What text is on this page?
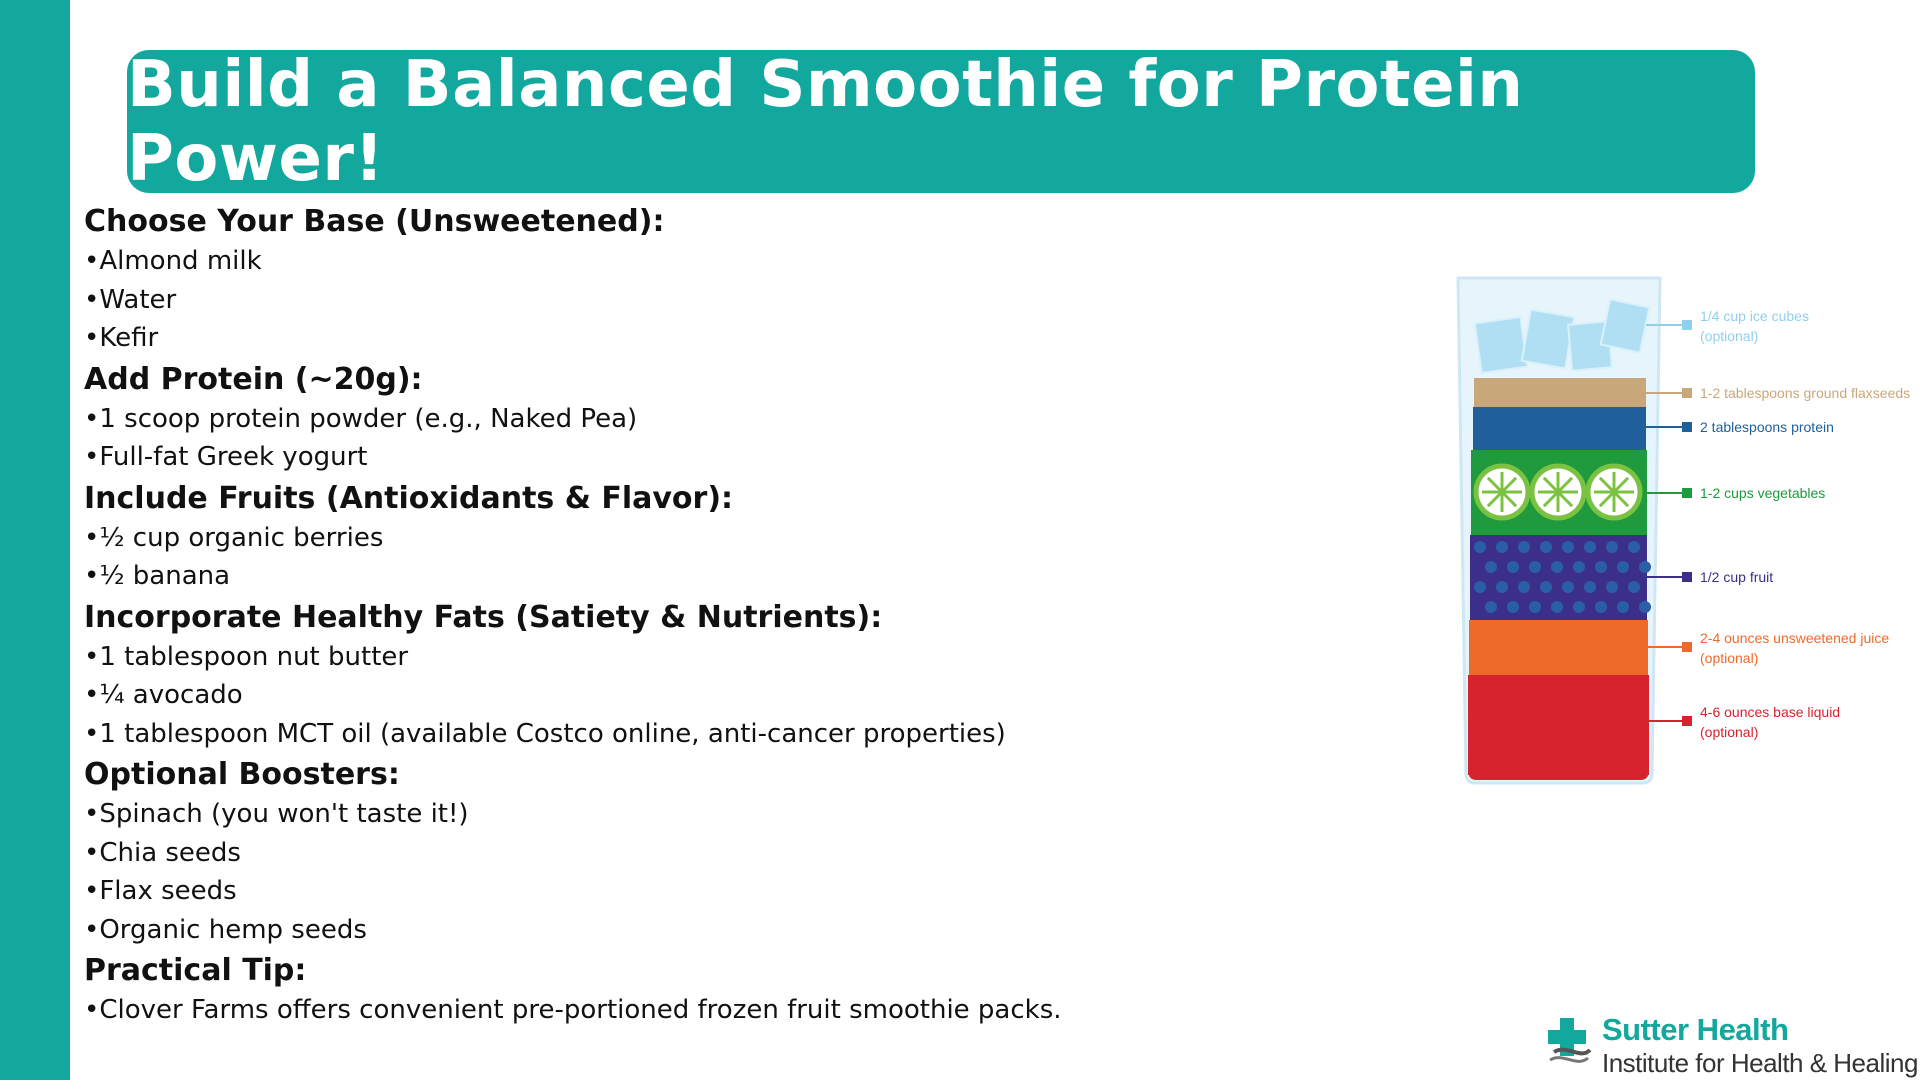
Build a Balanced Smoothie for Protein Power!
Choose Your Base (Unsweetened):
•Almond milk
•Water
•Kefir
Add Protein (~20g):
•1 scoop protein powder (e.g., Naked Pea)
•Full-fat Greek yogurt
Include Fruits (Antioxidants & Flavor):
•½ cup organic berries
•½ banana
Incorporate Healthy Fats (Satiety & Nutrients):
•1 tablespoon nut butter
•¼ avocado
•1 tablespoon MCT oil (available Costco online, anti-cancer properties)
Optional Boosters:
•Spinach (you won't taste it!)
•Chia seeds
•Flax seeds
•Organic hemp seeds
Practical Tip:
•Clover Farms offers convenient pre-portioned frozen fruit smoothie packs.
1/4 cup ice cubes
(optional)
1-2 tablespoons ground flaxseeds
2 tablespoons protein
1-2 cups vegetables
1/2 cup fruit
2-4 ounces unsweetened juice
(optional)
4-6 ounces base liquid
(optional)
Sutter Health
Institute for Health & Healing
